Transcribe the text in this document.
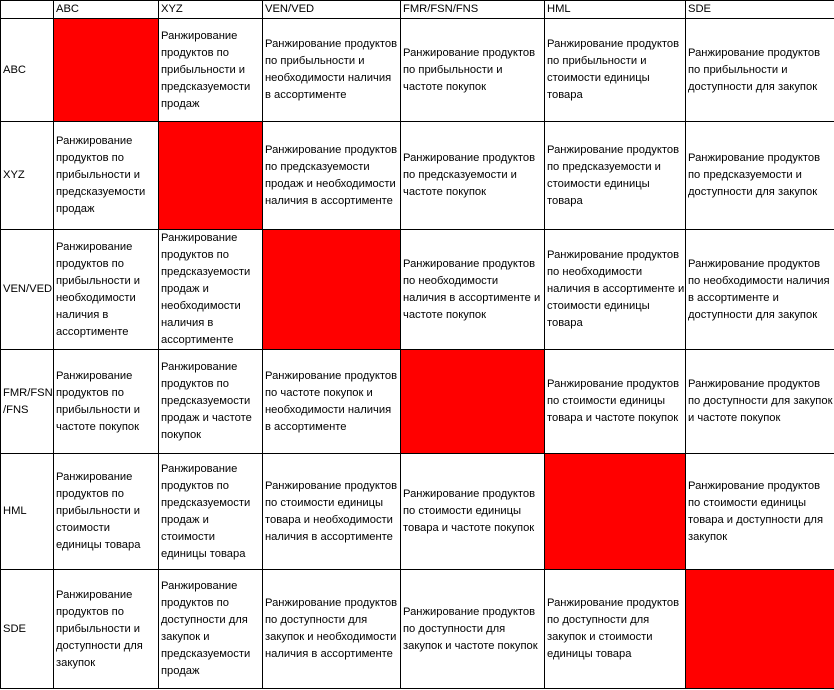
	ABC	XYZ	VEN/VED	FMR/FSN/FNS	HML	SDE
ABC		Ранжирование продуктов по прибыльности и предсказуемости продаж	Ранжирование продуктов по прибыльности и необходимости наличия в ассортименте	Ранжирование продуктов по прибыльности и частоте покупок	Ранжирование продуктов по прибыльности и стоимости единицы товара	Ранжирование продуктов по прибыльности и доступности для закупок
XYZ	Ранжирование продуктов по прибыльности и предсказуемости продаж		Ранжирование продуктов по предсказуемости продаж и необходимости наличия в ассортименте	Ранжирование продуктов по предсказуемости и частоте покупок	Ранжирование продуктов по предсказуемости и стоимости единицы товара	Ранжирование продуктов по предсказуемости и доступности для закупок
VEN/VED	Ранжирование продуктов по прибыльности и необходимости наличия в ассортименте	Ранжирование продуктов по предсказуемости продаж и необходимости наличия в ассортименте		Ранжирование продуктов по необходимости наличия в ассортименте и частоте покупок	Ранжирование продуктов по необходимости наличия в ассортименте и стоимости единицы товара	Ранжирование продуктов по необходимости наличия в ассортименте и доступности для закупок
FMR/FSN /FNS	Ранжирование продуктов по прибыльности и частоте покупок	Ранжирование продуктов по предсказуемости продаж и частоте покупок	Ранжирование продуктов по частоте покупок и необходимости наличия в ассортименте		Ранжирование продуктов по стоимости единицы товара и частоте покупок	Ранжирование продуктов по доступности для закупок и частоте покупок
HML	Ранжирование продуктов по прибыльности и стоимости единицы товара	Ранжирование продуктов по предсказуемости продаж и стоимости единицы товара	Ранжирование продуктов по стоимости единицы товара и необходимости наличия в ассортименте	Ранжирование продуктов по стоимости единицы товара и частоте покупок		Ранжирование продуктов по стоимости единицы товара и доступности для закупок
SDE	Ранжирование продуктов по прибыльности и доступности для закупок	Ранжирование продуктов по доступности для закупок и предсказуемости продаж	Ранжирование продуктов по доступности для закупок и необходимости наличия в ассортименте	Ранжирование продуктов по доступности для закупок и частоте покупок	Ранжирование продуктов по доступности для закупок и стоимости единицы товара	
